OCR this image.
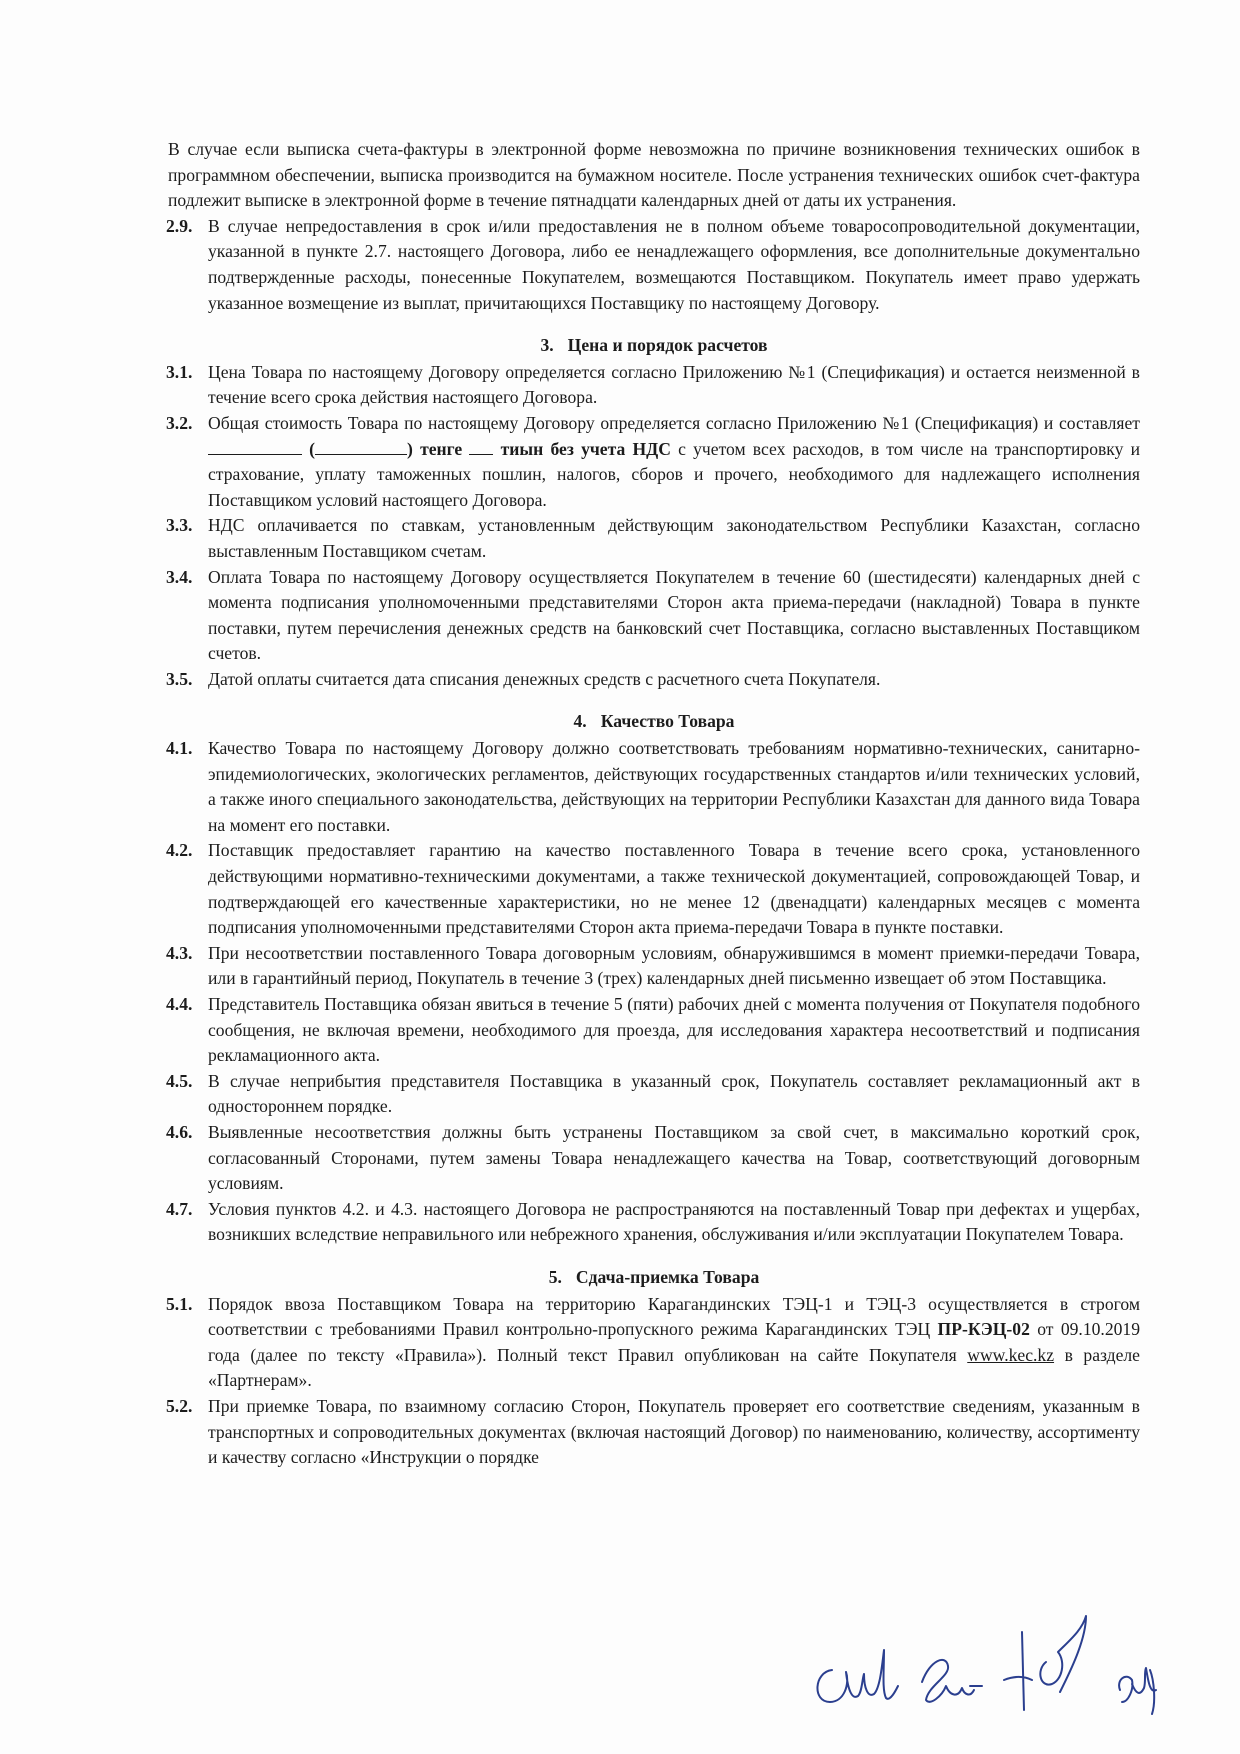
В случае если выписка счета-фактуры в электронной форме невозможна по причине возникновения технических ошибок в программном обеспечении, выписка производится на бумажном носителе. После устранения технических ошибок счет-фактура подлежит выписке в электронной форме в течение пятнадцати календарных дней от даты их устранения.

2.9. В случае непредоставления в срок и/или предоставления не в полном объеме товаросопроводительной документации, указанной в пункте 2.7. настоящего Договора, либо ее ненадлежащего оформления, все дополнительные документально подтвержденные расходы, понесенные Покупателем, возмещаются Поставщиком. Покупатель имеет право удержать указанное возмещение из выплат, причитающихся Поставщику по настоящему Договору.

3. Цена и порядок расчетов

3.1. Цена Товара по настоящему Договору определяется согласно Приложению №1 (Спецификация) и остается неизменной в течение всего срока действия настоящего Договора.

3.2. Общая стоимость Товара по настоящему Договору определяется согласно Приложению №1 (Спецификация) и составляет  (	) тенге  тиын без учета НДС с учетом всех расходов, в том числе на транспортировку и страхование, уплату таможенных пошлин, налогов, сборов и прочего, необходимого для надлежащего исполнения Поставщиком условий настоящего Договора.

3.3. НДС оплачивается по ставкам, установленным действующим законодательством Республики Казахстан, согласно выставленным Поставщиком счетам.

3.4. Оплата Товара по настоящему Договору осуществляется Покупателем в течение 60 (шестидесяти) календарных дней с момента подписания уполномоченными представителями Сторон акта приема-передачи (накладной) Товара в пункте поставки, путем перечисления денежных средств на банковский счет Поставщика, согласно выставленных Поставщиком счетов.

3.5. Датой оплаты считается дата списания денежных средств с расчетного счета Покупателя.

4. Качество Товара

4.1. Качество Товара по настоящему Договору должно соответствовать требованиям нормативно-технических, санитарно-эпидемиологических, экологических регламентов, действующих государственных стандартов и/или технических условий, а также иного специального законодательства, действующих на территории Республики Казахстан для данного вида Товара на момент его поставки.

4.2. Поставщик предоставляет гарантию на качество поставленного Товара в течение всего срока, установленного действующими нормативно-техническими документами, а также технической документацией, сопровождающей Товар, и подтверждающей его качественные характеристики, но не менее 12 (двенадцати) календарных месяцев с момента подписания уполномоченными представителями Сторон акта приема-передачи Товара в пункте поставки.

4.3. При несоответствии поставленного Товара договорным условиям, обнаружившимся в момент приемки-передачи Товара, или в гарантийный период, Покупатель в течение 3 (трех) календарных дней письменно извещает об этом Поставщика.

4.4. Представитель Поставщика обязан явиться в течение 5 (пяти) рабочих дней с момента получения от Покупателя подобного сообщения, не включая времени, необходимого для проезда, для исследования характера несоответствий и подписания рекламационного акта.

4.5. В случае неприбытия представителя Поставщика в указанный срок, Покупатель составляет рекламационный акт в одностороннем порядке.

4.6. Выявленные несоответствия должны быть устранены Поставщиком за свой счет, в максимально короткий срок, согласованный Сторонами, путем замены Товара ненадлежащего качества на Товар, соответствующий договорным условиям.

4.7. Условия пунктов 4.2. и 4.3. настоящего Договора не распространяются на поставленный Товар при дефектах и ущербах, возникших вследствие неправильного или небрежного хранения, обслуживания и/или эксплуатации Покупателем Товара.

5. Сдача-приемка Товара

5.1. Порядок ввоза Поставщиком Товара на территорию Карагандинских ТЭЦ-1 и ТЭЦ-3 осуществляется в строгом соответствии с требованиями Правил контрольно-пропускного режима Карагандинских ТЭЦ ПР-КЭЦ-02 от 09.10.2019 года (далее по тексту «Правила»). Полный текст Правил опубликован на сайте Покупателя www.kec.kz в разделе «Партнерам».

5.2. При приемке Товара, по взаимному согласию Сторон, Покупатель проверяет его соответствие сведениям, указанным в транспортных и сопроводительных документах (включая настоящий Договор) по наименованию, количеству, ассортименту и качеству согласно «Инструкции о порядке
